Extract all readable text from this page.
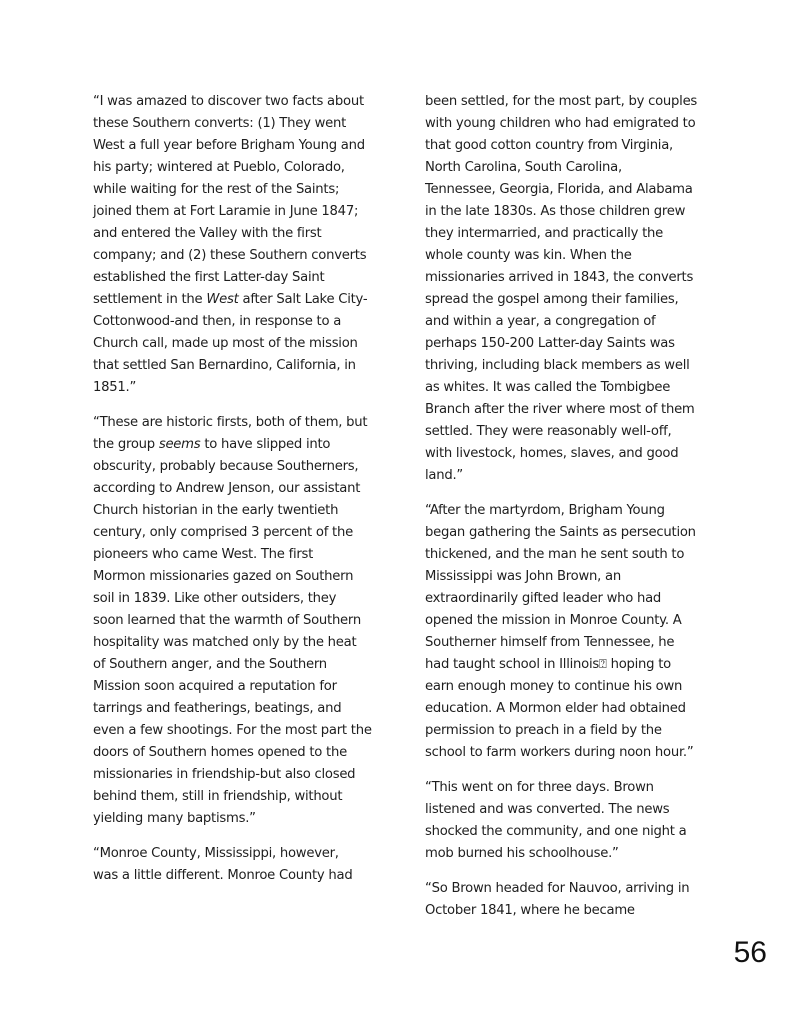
“I was amazed to discover two facts about
these Southern converts: (1) They went
West a full year before Brigham Young and
his party; wintered at Pueblo, Colorado,
while waiting for the rest of the Saints;
joined them at Fort Laramie in June 1847;
and entered the Valley with the first
company; and (2) these Southern converts
established the first Latter-day Saint
settlement in the West after Salt Lake City-
Cottonwood-and then, in response to a
Church call, made up most of the mission
that settled San Bernardino, California, in
1851.”

“These are historic firsts, both of them, but
the group seems to have slipped into
obscurity, probably because Southerners,
according to Andrew Jenson, our assistant
Church historian in the early twentieth
century, only comprised 3 percent of the
pioneers who came West. The first
Mormon missionaries gazed on Southern
soil in 1839. Like other outsiders, they
soon learned that the warmth of Southern
hospitality was matched only by the heat
of Southern anger, and the Southern
Mission soon acquired a reputation for
tarrings and featherings, beatings, and
even a few shootings. For the most part the
doors of Southern homes opened to the
missionaries in friendship-but also closed
behind them, still in friendship, without
yielding many baptisms.”

“Monroe County, Mississippi, however,
was a little different. Monroe County had

been settled, for the most part, by couples
with young children who had emigrated to
that good cotton country from Virginia,
North Carolina, South Carolina,
Tennessee, Georgia, Florida, and Alabama
in the late 1830s. As those children grew
they intermarried, and practically the
whole county was kin. When the
missionaries arrived in 1843, the converts
spread the gospel among their families,
and within a year, a congregation of
perhaps 150-200 Latter-day Saints was
thriving, including black members as well
as whites. It was called the Tombigbee
Branch after the river where most of them
settled. They were reasonably well-off,
with livestock, homes, slaves, and good
land.”

“After the martyrdom, Brigham Young
began gathering the Saints as persecution
thickened, and the man he sent south to
Mississippi was John Brown, an
extraordinarily gifted leader who had
opened the mission in Monroe County. A
Southerner himself from Tennessee, he
had taught school in Illinois⍰ hoping to
earn enough money to continue his own
education. A Mormon elder had obtained
permission to preach in a field by the
school to farm workers during noon hour.”

“This went on for three days. Brown
listened and was converted. The news
shocked the community, and one night a
mob burned his schoolhouse.”

“So Brown headed for Nauvoo, arriving in
October 1841, where he became

56
